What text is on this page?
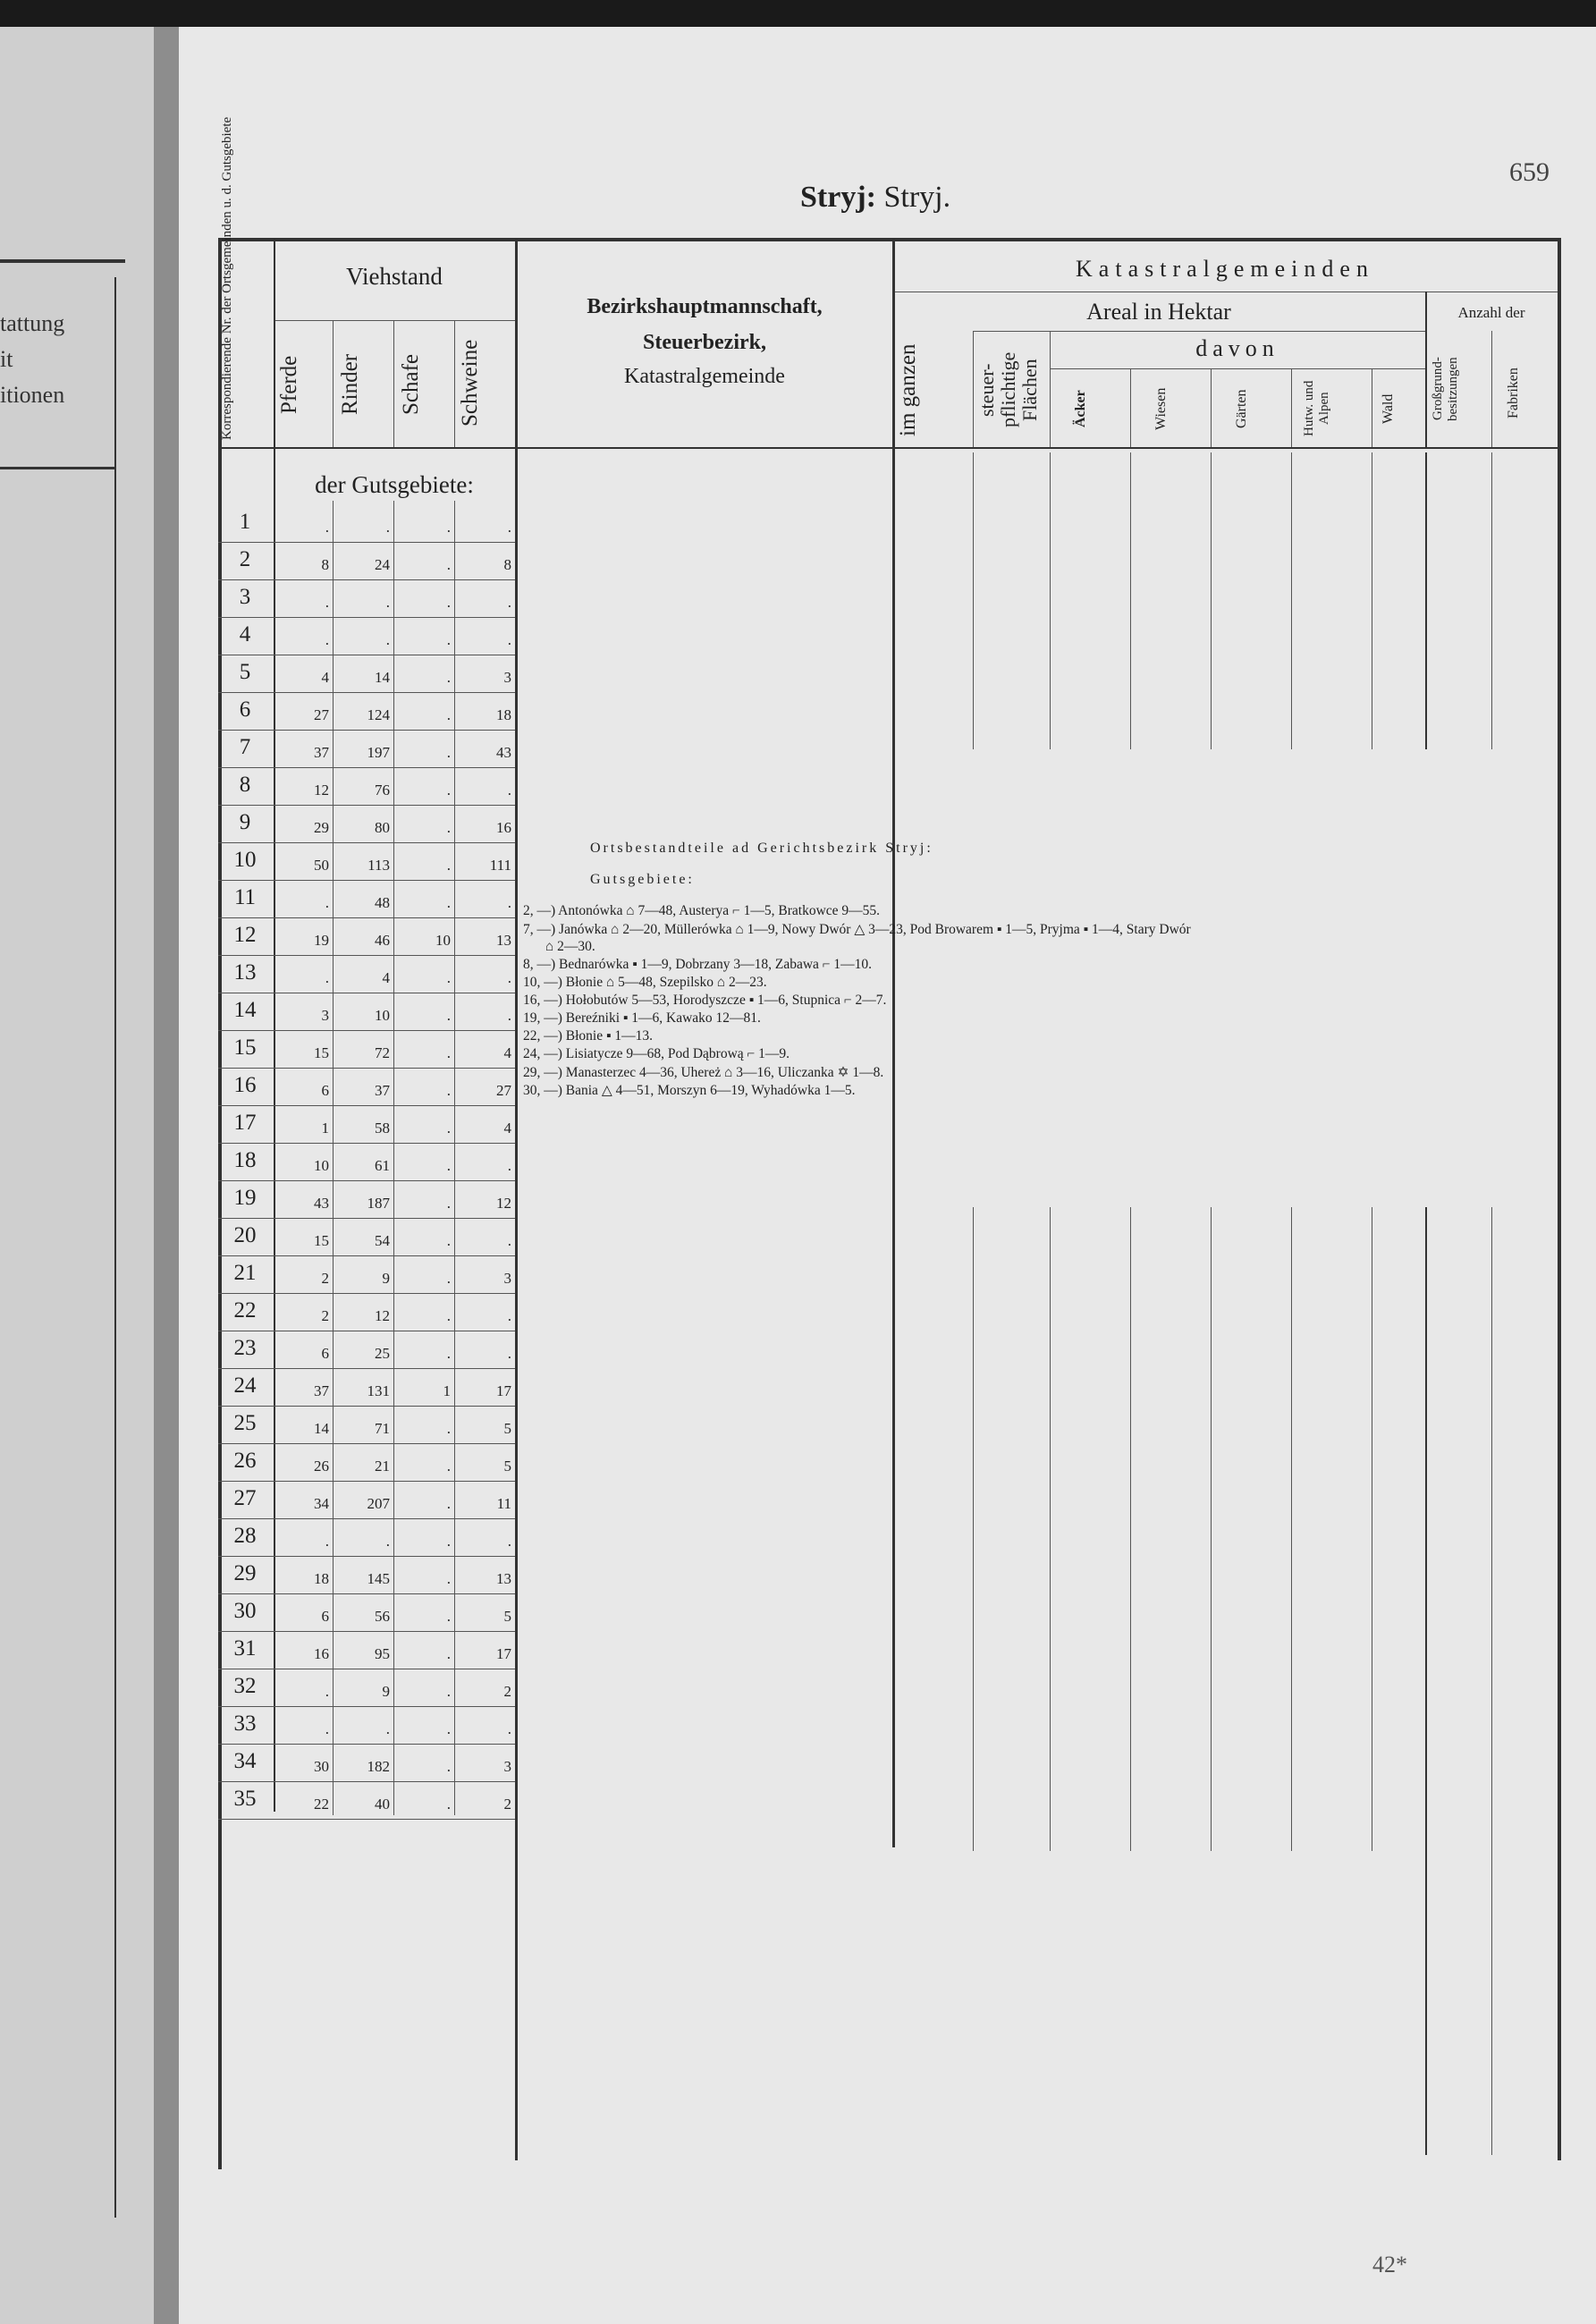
tattung
it
itionen
Stryj: Stryj.
659
Korrespondierende Nr. der Ortsgemeinden u. d. Gutsgebiete	Viehstand
Pferde	Rinder	Schafe	Schweine
Bezirkshauptmannschaft,
Steuerbezirk,
Katastralgemeinde
Katastralgemeinden
Areal in Hektar	Anzahl der
im ganzen	steuer-pflichtige Flächen
davon
Äcker	Wiesen	Gärten	Hutw. und Alpen	Wald	Großgrund-besitzungen	Fabriken
der Gutsgebiete:
1	.	.	.	.
2	8	24	.	8
3	.	.	.	.
4	.	.	.	.
5	4	14	.	3
6	27	124	.	18
7	37	197	.	43
8	12	76	.	.
9	29	80	.	16
10	50	113	.	111
11	.	48	.	.
12	19	46	10	13
13	.	4	.	.
14	3	10	.	.
15	15	72	.	4
16	6	37	.	27
17	1	58	.	4
18	10	61	.	.
19	43	187	.	12
20	15	54	.	.
21	2	9	.	3
22	2	12	.	.
23	6	25	.	.
24	37	131	1	17
25	14	71	.	5
26	26	21	.	5
27	34	207	.	11
28	.	.	.	.
29	18	145	.	13
30	6	56	.	5
31	16	95	.	17
32	.	9	.	2
33	.	.	.	.
34	30	182	.	3
35	22	40	.	2
Ortsbestandteile ad Gerichtsbezirk Stryj:
Gutsgebiete:
2, —) Antonówka ⌂ 7—48, Austerya ⌐ 1—5, Bratkowce 9—55.
7, —) Janówka ⌂ 2—20, Müllerówka ⌂ 1—9, Nowy Dwór △ 3—23, Pod Browarem ▪ 1—5, Pryjma ▪ 1—4, Stary Dwór
⌂ 2—30.
8, —) Bednarówka ▪ 1—9, Dobrzany 3—18, Zabawa ⌐ 1—10.
10, —) Błonie ⌂ 5—48, Szepilsko ⌂ 2—23.
16, —) Hołobutów 5—53, Horodyszcze ▪ 1—6, Stupnica ⌐ 2—7.
19, —) Bereźniki ▪ 1—6, Kawako 12—81.
22, —) Błonie ▪ 1—13.
24, —) Lisiatycze 9—68, Pod Dąbrową ⌐ 1—9.
29, —) Manasterzec 4—36, Uhereż ⌂ 3—16, Uliczanka ✡ 1—8.
30, —) Bania △ 4—51, Morszyn 6—19, Wyhadówka 1—5.
42*
